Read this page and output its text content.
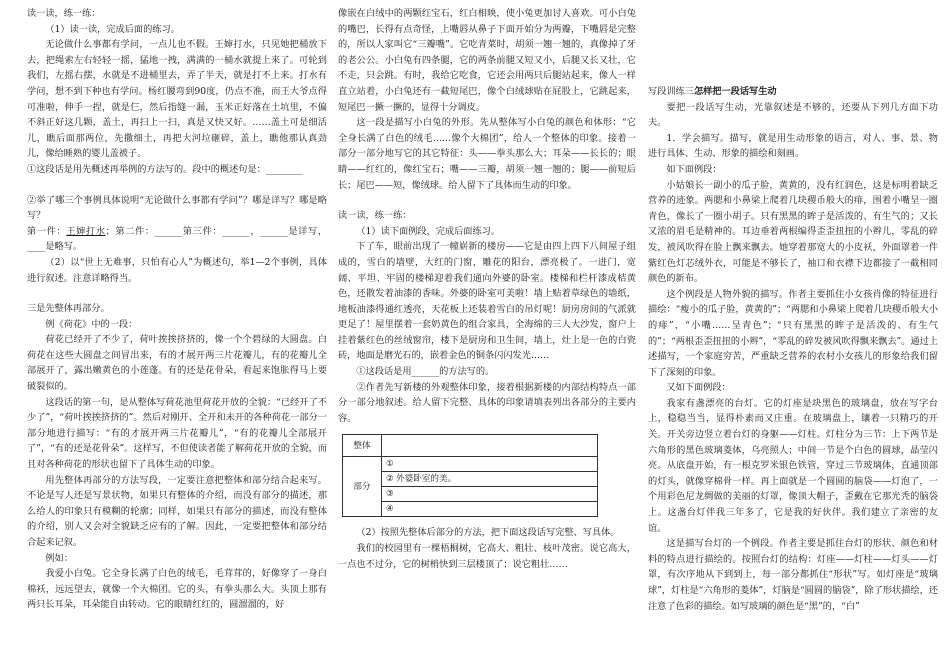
读一读，练一练：

（1）读一读，完成后面的练习。

无论做什么事都有学问，一点儿也不假。王婶打水，只见她把桶放下去，把绳索左右轻轻一摇，猛地一拽，满满的一桶水就提上来了。可轮到我们，左摇右摆，水就是不进桶里去，弄了半天，就是打不上来。打水有学问，想不到下种也有学问。杨红腰弯到90度，仍点不准，而王大爷点得可准啦，伸手一捏，就是仨，然后指缝一漏，玉米正好落在土坑里，不偏不斜正好这几颗，盖土，再扫上一扫，真是又快又好。……盖土可是细活儿，瞧后面那两位，先撒细土，再把大河垃砸碎，盖上，瞧他那认真劲儿，像给睡熟的婴儿盖被子。

①这段话是用先概述再举例的方法写的。段中的概述句是：________

②举了哪三个事例具体说明“无论做什么事都有学问”？哪是详写？哪是略写？

第一件：王婶打水；第二件：______第三件：______，______是详写，____是略写。

（2）以“世上无难事，只怕有心人”为概述句，举1—2个事例，具体进行叙述。注意详略得当。

三是先整体再部分。

例《荷花》中的一段：

荷花已经开了不少了，荷叶挨挨挤挤的，像一个个碧绿的大圆盘。白荷花在这些大圆盘之间冒出来，有的才展开两三片花瓣儿，有的花瓣儿全部展开了，露出嫩黄色的小莲蓬。有的还是花骨朵，看起来饱胀得马上要破裂似的。

这段话的第一句，是从整体写荷花池里荷花开放的全貌：“已经开了不少了”，“荷叶挨挨挤挤的”。然后对刚开、全开和未开的各种荷花一部分一部分地进行描写：“有的才展开两三片花瓣儿”，“有的花瓣儿全部展开了”，“有的还是花骨朵”。这样写，不但使读者能了解荷花开放的全貌，而且对各种荷花的形状也留下了具体生动的印象。

用先整体再部分的方法写段，一定要注意把整体和部分结合起来写。不论是写人还是写景状物，如果只有整体的介绍，而没有部分的描述，那么给人的印象只有模糊的轮廓；同样，如果只有部分的描述，而没有整体的介绍，别人又会对全貌缺乏应有的了解。因此，一定要把整体和部分结合起来记叙。

例如：

我爱小白兔。它全身长满了白色的绒毛，毛茸茸的，好像穿了一身白棉袄，远远望去，就像一个大棉团。它的头，有拳头那么大。头顶上那有两只长耳朵，耳朵能自由转动。它的眼睛红红的，圆溜溜的，好

像嵌在白绒中的两颗红宝石，红白相映，使小兔更加讨人喜欢。可小白兔的嘴巴，长得有点奇怪，上嘴唇从鼻子下面开始分为两瓣，下嘴唇是完整的，所以人家叫它“三瓣嘴”。它吃青菜时，胡须一翘一翘的，真像掉了牙的老公公。小白兔有四条腿，它的两条前腿又短又小，后腿又长又壮，它不走，只会跳。有时，我给它吃食，它还会用两只后腿站起来，像人一样直立站着，小白兔还有一截短尾巴，像个白绒球贴在屁股上，它跳起来，短尾巴一撅一撅的，显得十分调皮。

这一段是描写小白兔的外形。先从整体写小白兔的颜色和体形：“它全身长满了白色的绒毛……像个大棉团”，给人一个整体的印象。接着一部分一部分地写它的其它特征：头——拳头那么大；耳朵——长长的；眼睛——红红的，像红宝石；嘴——三瓣，胡须一翘一翘的；腿——前短后长；尾巴——短，像绒球。给人留下了具体而生动的印象。

读一读，练一练：

（1）读下面例段，完成后面练习。

下了车，眼前出现了一幢崭新的楼房——它是由四上四下八间屋子组成的，雪白的墙壁，大红的门窗，雕花的阳台，漂亮极了。一进门，宽阔、平坦、牢固的楼梯迎着我们通向外婆的卧室。楼梯和栏杆漆成桔黄色，还散发着油漆的香味。外婆的卧室可美啦！墙上贴着草绿色的墙纸，地板油漆得通红透亮，天花板上还装着雪白的吊灯呢！厨房房间的气派就更足了！屋里摆着一套奶黄色的组合家具，全海绵的三人大沙发，窗户上挂着紫红色的丝绒窗帘，楼下是厨房和卫生间，墙上，灶上是一色的白瓷砖，地面是磨光石的，嵌着金色的铜条闪闪发光……

①这段话是用______的方法写的。

②作者先写新楼的外观整体印象，接着根据新楼的内部结构特点一部分一部分地叙述。给人留下完整、具体的印象请填表列出各部分的主要内容。

整体	
部分	①
	② 外婆卧室的美。
	③
	④

（2）按照先整体后部分的方法，把下面这段话写完整、写具体。

我们的校园里有一棵梧桐树，它高大、粗壮、枝叶茂密。说它高大，一点也不过分，它的树梢快到三层楼顶了；说它粗壮……

写段训练三怎样把一段话写生动

要把一段话写生动，光靠叙述是不够的，还要从下列几方面下功夫。

1．学会描写。描写，就是用生动形象的语言，对人、事、景、物进行具体、生动、形象的描绘和刻画。

如下面例段：

小姑娘长一副小的瓜子脸，黄黄的，没有红润色，这是标明着缺乏营养的迹象。两腮和小鼻梁上爬着几块稷币般大的痱，围着小嘴呈一圈青色，像长了一圈小胡子。只有黑黑的眸子是活泼的、有生气的；又长又浓的眉毛是精神的。耳边垂着两根编得歪歪扭扭的小辫儿，零乱的碎发，被风吹得在脸上飘来飘去。她穿着那宽大的小皮袄，外面罩着一件紫红色灯芯绒外衣，可能是不够长了，袖口和衣襟下边都接了一截相同颜色的新布。

这个例段是人物外貌的描写。作者主要抓住小女孩肖像的特征进行描绘：“瘦小的瓜子脸，黄黄的”；“两腮和小鼻梁上爬着几块稷币般大小的痱”，“小嘴……呈青色”；“只有黑黑的眸子是活泼的、有生气的”；“两根歪歪扭扭的小辫”，“零乱的碎发被风吹得飘来飘去”。通过上述描写，一个家庭穷苦，严重缺乏营养的农村小女孩儿的形象给我们留下了深刻的印象。

又如下面例段：

我家有盏漂亮的台灯。它的灯座是块黑色的玻璃盘，放在写字台上，稳稳当当，显得朴素而又庄重。在玻璃盘上，镶着一只精巧的开关。开关旁边竖立着台灯的身躯——灯柱。灯柱分为三节：上下两节是六角形的黑色玻璃菱体，乌亮照人；中间一节是个白色的圆球，晶莹闪亮。从底盘开始，有一根克罗米银色铁管，穿过三节玻璃体，直通顶部的灯头，就像穿棉骨一样。再上面就是一个圆圆的脑袋——灯泡了，一个用彩色尼龙绸做的美丽的灯罩，像顶大帽子，歪戴在它那光秃的脑袋上。这盏台灯伴我三年多了，它是我的好伙伴。我们建立了亲密的友谊。

这是描写台灯的一个例段。作者主要是抓住台灯的形状、颜色和材料的特点进行描绘的。按照台灯的结构：灯座——灯柱——灯头——灯罩，有次序地从下到到上，每一部分都抓住“形状”写。如灯座是“玻璃球”，灯柱是“六角形的菱体”，灯脑是“圆圆的脑袋”，除了形状描绘，还注意了色彩的描绘。如写玻璃的颜色是“黑”的，“白”
